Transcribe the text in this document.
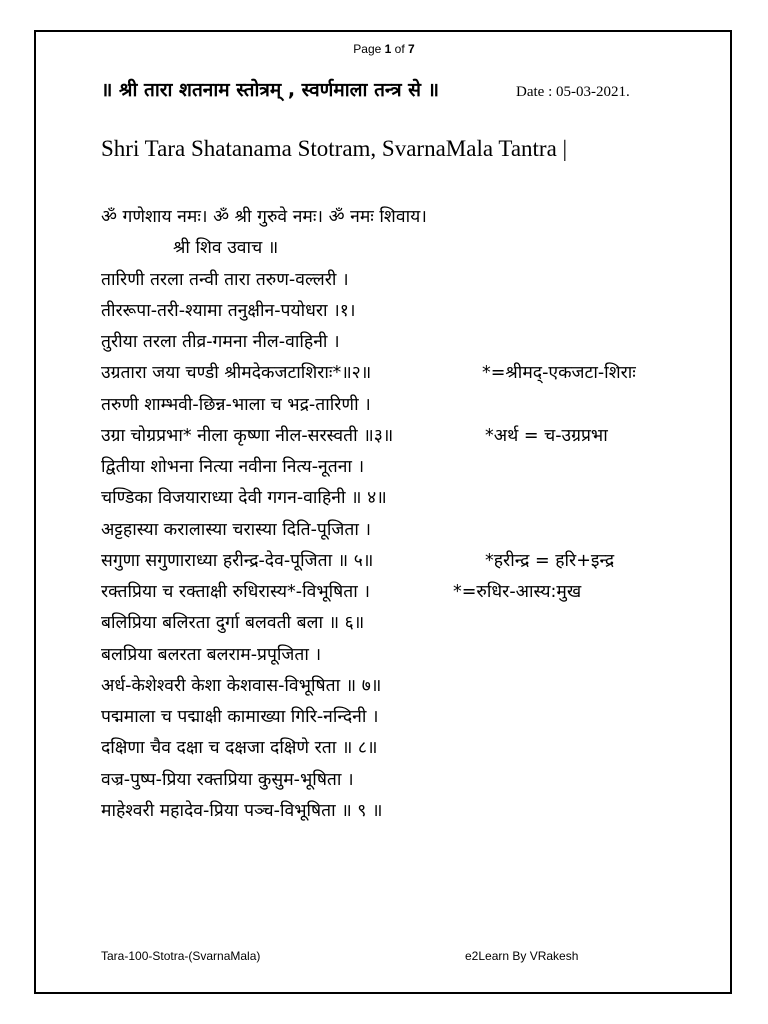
Page 1 of 7
॥ श्री तारा शतनाम स्तोत्रम् , स्वर्णमाला तन्त्र से ॥	Date : 05-03-2021.
Shri Tara Shatanama Stotram, SvarnaMala Tantra |
ॐ गणेशाय नमः। ॐ श्री गुरुवे नमः। ॐ नमः शिवाय।
श्री शिव उवाच ॥
तारिणी तरला तन्वी तारा तरुण-वल्लरी ।
तीररूपा-तरी-श्यामा तनुक्षीन-पयोधरा ।१।
तुरीया तरला तीव्र-गमना नील-वाहिनी ।
उग्रतारा जया चण्डी श्रीमदेकजटाशिराः*॥२॥	*=श्रीमद्-एकजटा-शिराः
तरुणी शाम्भवी-छिन्न-भाला च भद्र-तारिणी ।
उग्रा चोग्रप्रभा* नीला कृष्णा नील-सरस्वती ॥३॥	*अर्थ = च-उग्रप्रभा
द्वितीया शोभना नित्या नवीना नित्य-नूतना ।
चण्डिका विजयाराध्या देवी गगन-वाहिनी ॥ ४॥
अट्टहास्या करालास्या चरास्या दिति-पूजिता ।
सगुणा सगुणाराध्या हरीन्द्र-देव-पूजिता ॥ ५॥	*हरीन्द्र = हरि+इन्द्र
रक्तप्रिया च रक्ताक्षी रुधिरास्य*-विभूषिता ।	*=रुधिर-आस्य:मुख
बलिप्रिया बलिरता दुर्गा बलवती बला ॥ ६॥
बलप्रिया बलरता बलराम-प्रपूजिता ।
अर्ध-केशेश्वरी केशा केशवास-विभूषिता ॥ ७॥
पद्ममाला च पद्माक्षी कामाख्या गिरि-नन्दिनी ।
दक्षिणा चैव दक्षा च दक्षजा दक्षिणे रता ॥ ८॥
वज्र-पुष्प-प्रिया रक्तप्रिया कुसुम-भूषिता ।
माहेश्वरी महादेव-प्रिया पञ्च-विभूषिता ॥ ९ ॥
Tara-100-Stotra-(SvarnaMala)	e2Learn By VRakesh
